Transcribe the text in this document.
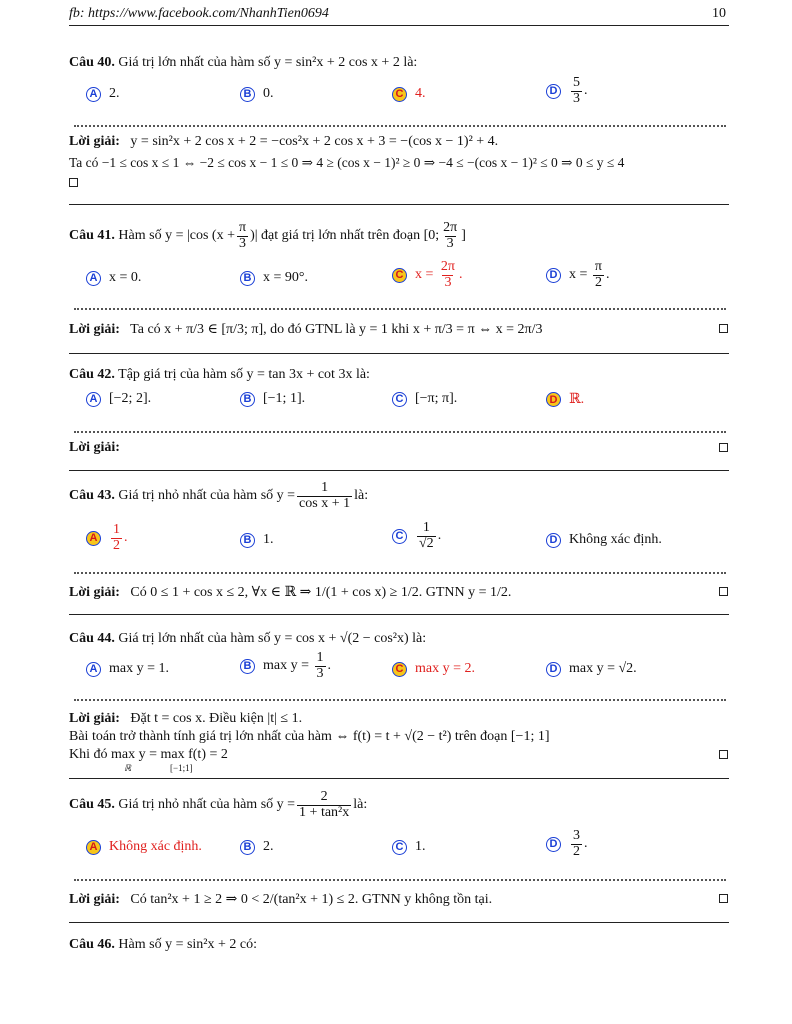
fb: https://www.facebook.com/NhanhTien0694	10
Câu 40. Giá trị lớn nhất của hàm số y = sin²x + 2 cos x + 2 là:
A 2.	B 0.	C 4.	D $\frac{5}{3}$ .
Lời giải: y = sin²x + 2 cos x + 2 = −cos²x + 2 cos x + 3 = −(cos x − 1)² + 4.
Ta có −1 ≤ cos x ≤ 1 ⇔ −2 ≤ cos x − 1 ≤ 0 ⇒ 4 ≥ (cos x − 1)² ≥ 0 ⇒ −4 ≤ −(cos x − 1)² ≤ 0 ⇒ 0 ≤ y ≤ 4
Câu 41.
Hàm số y = |cos ($x + \frac{\pi}{3}$ )| đạt giá trị lớn nhất trên đoạn [0; $\frac{2\pi}{3}$ ]
A x = 0.	B x = 90°.	C x =
$\frac{2\pi}{3}$ .	D x =
$\frac{\pi}{2}$ .
Lời giải: Ta có x + π/3 ∈ [π/3; π], do đó GTNL là y = 1 khi x + π/3 = π ⇔ x = 2π/3
Câu 42. Tập giá trị của hàm số y = tan 3x + cot 3x là:
A [−2; 2].	B [−1; 1].	C [−π; π].	D ℝ.
Lời giải:
Câu 43.
Giá trị nhỏ nhất của hàm số $y = \frac{1}{\text{cos x + 1}}$ là:
A $\frac{1}{2}$ .	B 1.	C $\frac{1}{√2}$ .	D Không xác định.
Lời giải: Có 0 ≤ 1 + cos x ≤ 2, ∀x ∈ ℝ ⇒ 1/(1 + cos x) ≥ 1/2. GTNN y = 1/2.
Câu 44. Giá trị lớn nhất của hàm số y = cos x + √(2 − cos²x) là:
A max y = 1.	B max y =
$\frac{1}{3}$ .	C max y = 2.	D max y = √2.
Lời giải: Đặt t = cos x. Điều kiện |t| ≤ 1.
Bài toán trở thành tính giá trị lớn nhất của hàm ⇔ f(t) = t + √(2 − t²) trên đoạn [−1; 1]
Khi đó max y = max f(t) = 2
ℝ	[−1;1]
Câu 45.
Giá trị nhỏ nhất của hàm số $y = \frac{2}{\text{1 + tan²x}}$ là:
A Không xác định.	B 2.	C 1.	D $\frac{3}{2}$ .
Lời giải: Có tan²x + 1 ≥ 2 ⇒ 0 < 2/(tan²x + 1) ≤ 2. GTNN y không tồn tại.
Câu 46. Hàm số y = sin²x + 2 có:
